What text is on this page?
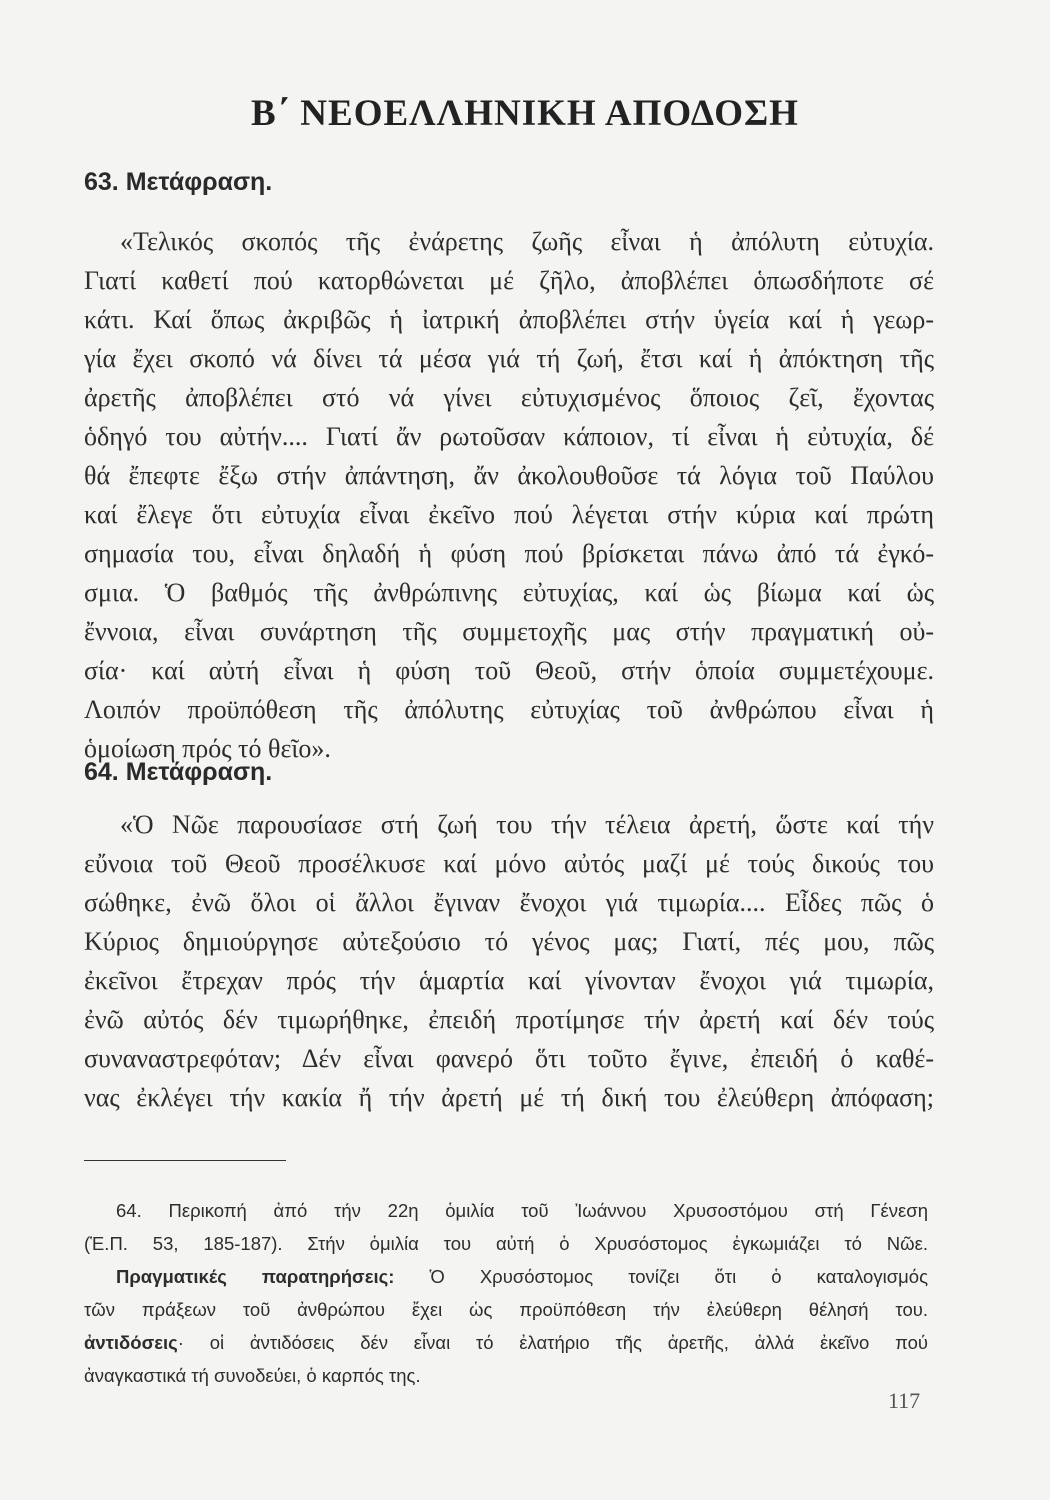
Β΄ ΝΕΟΕΛΛΗΝΙΚΗ ΑΠΟΔΟΣΗ
63. Μετάφραση.
«Τελικός σκοπός τῆς ἐνάρετης ζωῆς εἶναι ἡ ἀπόλυτη εὐτυχία.
Γιατί καθετί πού κατορθώνεται μέ ζῆλο, ἀποβλέπει ὁπωσδήποτε σέ
κάτι. Καί ὅπως ἀκριβῶς ἡ ἰατρική ἀποβλέπει στήν ὑγεία καί ἡ γεωρ-
γία ἔχει σκοπό νά δίνει τά μέσα γιά τή ζωή, ἔτσι καί ἡ ἀπόκτηση τῆς
ἀρετῆς ἀποβλέπει στό νά γίνει εὐτυχισμένος ὅποιος ζεῖ, ἔχοντας
ὁδηγό του αὐτήν.... Γιατί ἄν ρωτοῦσαν κάποιον, τί εἶναι ἡ εὐτυχία, δέ
θά ἔπεφτε ἔξω στήν ἀπάντηση, ἄν ἀκολουθοῦσε τά λόγια τοῦ Παύλου
καί ἔλεγε ὅτι εὐτυχία εἶναι ἐκεῖνο πού λέγεται στήν κύρια καί πρώτη
σημασία του, εἶναι δηλαδή ἡ φύση πού βρίσκεται πάνω ἀπό τά ἐγκό-
σμια. Ὁ βαθμός τῆς ἀνθρώπινης εὐτυχίας, καί ὡς βίωμα καί ὡς
ἔννοια, εἶναι συνάρτηση τῆς συμμετοχῆς μας στήν πραγματική οὐ-
σία· καί αὐτή εἶναι ἡ φύση τοῦ Θεοῦ, στήν ὁποία συμμετέχουμε.
Λοιπόν προϋπόθεση τῆς ἀπόλυτης εὐτυχίας τοῦ ἀνθρώπου εἶναι ἡ
ὁμοίωση πρός τό θεῖο».
64. Μετάφραση.
«Ὁ Νῶε παρουσίασε στή ζωή του τήν τέλεια ἀρετή, ὥστε καί τήν
εὔνοια τοῦ Θεοῦ προσέλκυσε καί μόνο αὐτός μαζί μέ τούς δικούς του
σώθηκε, ἐνῶ ὅλοι οἱ ἄλλοι ἔγιναν ἔνοχοι γιά τιμωρία.... Εἶδες πῶς ὁ
Κύριος δημιούργησε αὐτεξούσιο τό γένος μας; Γιατί, πές μου, πῶς
ἐκεῖνοι ἔτρεχαν πρός τήν ἁμαρτία καί γίνονταν ἔνοχοι γιά τιμωρία,
ἐνῶ αὐτός δέν τιμωρήθηκε, ἐπειδή προτίμησε τήν ἀρετή καί δέν τούς
συναναστρεφόταν; Δέν εἶναι φανερό ὅτι τοῦτο ἔγινε, ἐπειδή ὁ καθέ-
νας ἐκλέγει τήν κακία ἤ τήν ἀρετή μέ τή δική του ἐλεύθερη ἀπόφαση;
64. Περικοπή ἀπό τήν 22η ὁμιλία τοῦ Ἰωάννου Χρυσοστόμου στή Γένεση
(Ἑ.Π. 53, 185-187). Στήν ὁμιλία του αὐτή ὁ Χρυσόστομος ἐγκωμιάζει τό Νῶε.
Πραγματικές παρατηρήσεις: Ὁ Χρυσόστομος τονίζει ὅτι ὁ καταλογισμός
τῶν πράξεων τοῦ ἀνθρώπου ἔχει ὡς προϋπόθεση τήν ἐλεύθερη θέλησή του.
ἀντιδόσεις· οἱ ἀντιδόσεις δέν εἶναι τό ἐλατήριο τῆς ἀρετῆς, ἀλλά ἐκεῖνο πού
ἀναγκαστικά τή συνοδεύει, ὁ καρπός της.

117
